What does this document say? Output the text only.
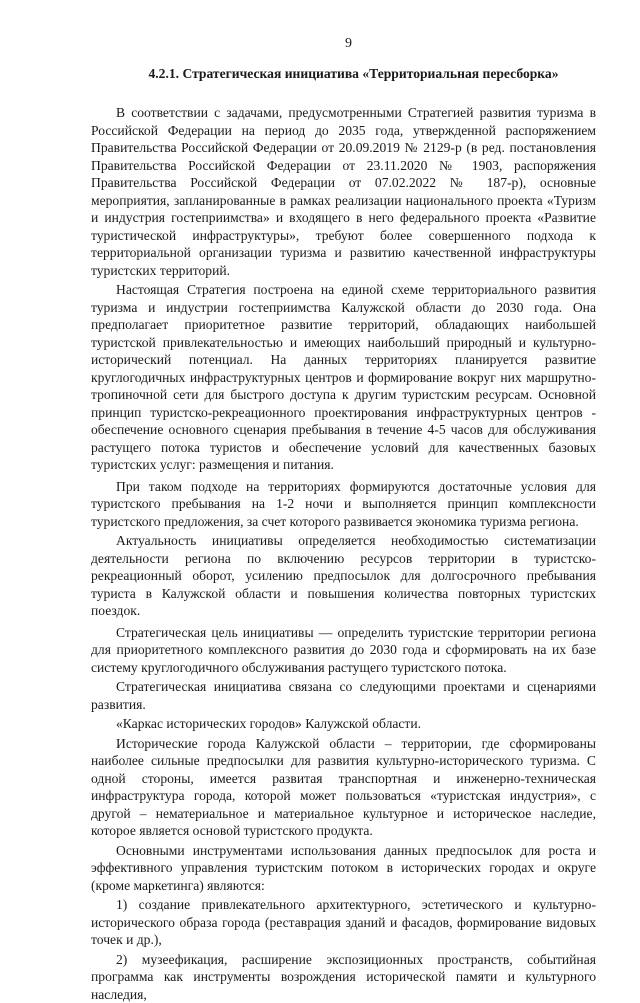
9
4.2.1. Стратегическая инициатива «Территориальная пересборка»

В соответствии с задачами, предусмотренными Стратегией развития туризма в Российской Федерации на период до 2035 года, утвержденной распоряжением Правительства Российской Федерации от 20.09.2019 № 2129-р (в ред. постановления Правительства Российской Федерации от 23.11.2020 № 1903, распоряжения Правительства Российской Федерации от 07.02.2022 № 187-р), основные мероприятия, запланированные в рамках реализации национального проекта «Туризм и индустрия гостеприимства» и входящего в него федерального проекта «Развитие туристической инфраструктуры», требуют более совершенного подхода к территориальной организации туризма и развитию качественной инфраструктуры туристских территорий.

Настоящая Стратегия построена на единой схеме территориального развития туризма и индустрии гостеприимства Калужской области до 2030 года. Она предполагает приоритетное развитие территорий, обладающих наибольшей туристской привлекательностью и имеющих наибольший природный и культурно-исторический потенциал. На данных территориях планируется развитие круглогодичных инфраструктурных центров и формирование вокруг них маршрутно-тропиночной сети для быстрого доступа к другим туристским ресурсам. Основной принцип туристско-рекреационного проектирования инфраструктурных центров - обеспечение основного сценария пребывания в течение 4-5 часов для обслуживания растущего потока туристов и обеспечение условий для качественных базовых туристских услуг: размещения и питания.

При таком подходе на территориях формируются достаточные условия для туристского пребывания на 1-2 ночи и выполняется принцип комплексности туристского предложения, за счет которого развивается экономика туризма региона.

Актуальность инициативы определяется необходимостью систематизации деятельности региона по включению ресурсов территории в туристско-рекреационный оборот, усилению предпосылок для долгосрочного пребывания туриста в Калужской области и повышения количества повторных туристских поездок.

Стратегическая цель инициативы — определить туристские территории региона для приоритетного комплексного развития до 2030 года и сформировать на их базе систему круглогодичного обслуживания растущего туристского потока.

Стратегическая инициатива связана со следующими проектами и сценариями развития.

«Каркас исторических городов» Калужской области.

Исторические города Калужской области – территории, где сформированы наиболее сильные предпосылки для развития культурно-исторического туризма. С одной стороны, имеется развитая транспортная и инженерно-техническая инфраструктура города, которой может пользоваться «туристская индустрия», с другой – нематериальное и материальное культурное и историческое наследие, которое является основой туристского продукта.

Основными инструментами использования данных предпосылок для роста и эффективного управления туристским потоком в исторических городах и округе (кроме маркетинга) являются:

1) создание привлекательного архитектурного, эстетического и культурно-исторического образа города (реставрация зданий и фасадов, формирование видовых точек и др.),

2) музеефикация, расширение экспозиционных пространств, событийная программа как инструменты возрождения исторической памяти и культурного наследия,
